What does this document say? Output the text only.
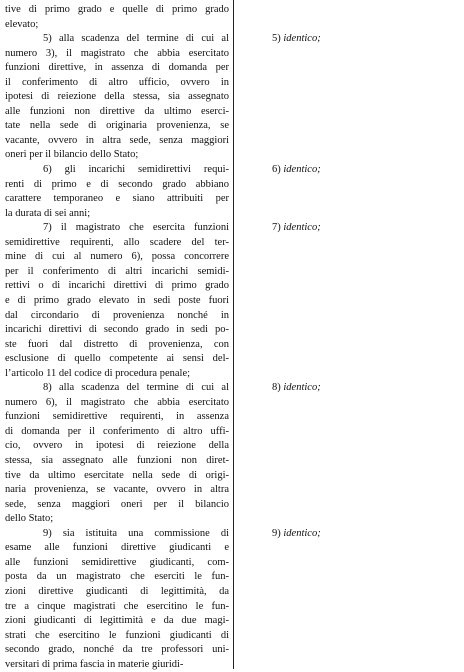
tive di primo grado e quelle di primo grado
elevato;
5) alla scadenza del termine di cui al
numero 3), il magistrato che abbia esercitato
funzioni direttive, in assenza di domanda per
il conferimento di altro ufficio, ovvero in
ipotesi di reiezione della stessa, sia assegnato
alle funzioni non direttive da ultimo eserci-
tate nella sede di originaria provenienza, se
vacante, ovvero in altra sede, senza maggiori
oneri per il bilancio dello Stato;
6) gli incarichi semidirettivi requi-
renti di primo e di secondo grado abbiano
carattere temporaneo e siano attribuiti per
la durata di sei anni;
7) il magistrato che esercita funzioni
semidirettive requirenti, allo scadere del ter-
mine di cui al numero 6), possa concorrere
per il conferimento di altri incarichi semidi-
rettivi o di incarichi direttivi di primo grado
e di primo grado elevato in sedi poste fuori
dal circondario di provenienza nonché in
incarichi direttivi di secondo grado in sedi po-
ste fuori dal distretto di provenienza, con
esclusione di quello competente ai sensi del-
l’articolo 11 del codice di procedura penale;
8) alla scadenza del termine di cui al
numero 6), il magistrato che abbia esercitato
funzioni semidirettive requirenti, in assenza
di domanda per il conferimento di altro uffi-
cio, ovvero in ipotesi di reiezione della
stessa, sia assegnato alle funzioni non diret-
tive da ultimo esercitate nella sede di origi-
naria provenienza, se vacante, ovvero in altra
sede, senza maggiori oneri per il bilancio
dello Stato;
9) sia istituita una commissione di
esame alle funzioni direttive giudicanti e
alle funzioni semidirettive giudicanti, com-
posta da un magistrato che eserciti le fun-
zioni direttive giudicanti di legittimità, da
tre a cinque magistrati che esercitino le fun-
zioni giudicanti di legittimità e da due magi-
strati che esercitino le funzioni giudicanti di
secondo grado, nonché da tre professori uni-
versitari di prima fascia in materie giuridi-
5) identico;
6) identico;
7) identico;
8) identico;
9) identico;
